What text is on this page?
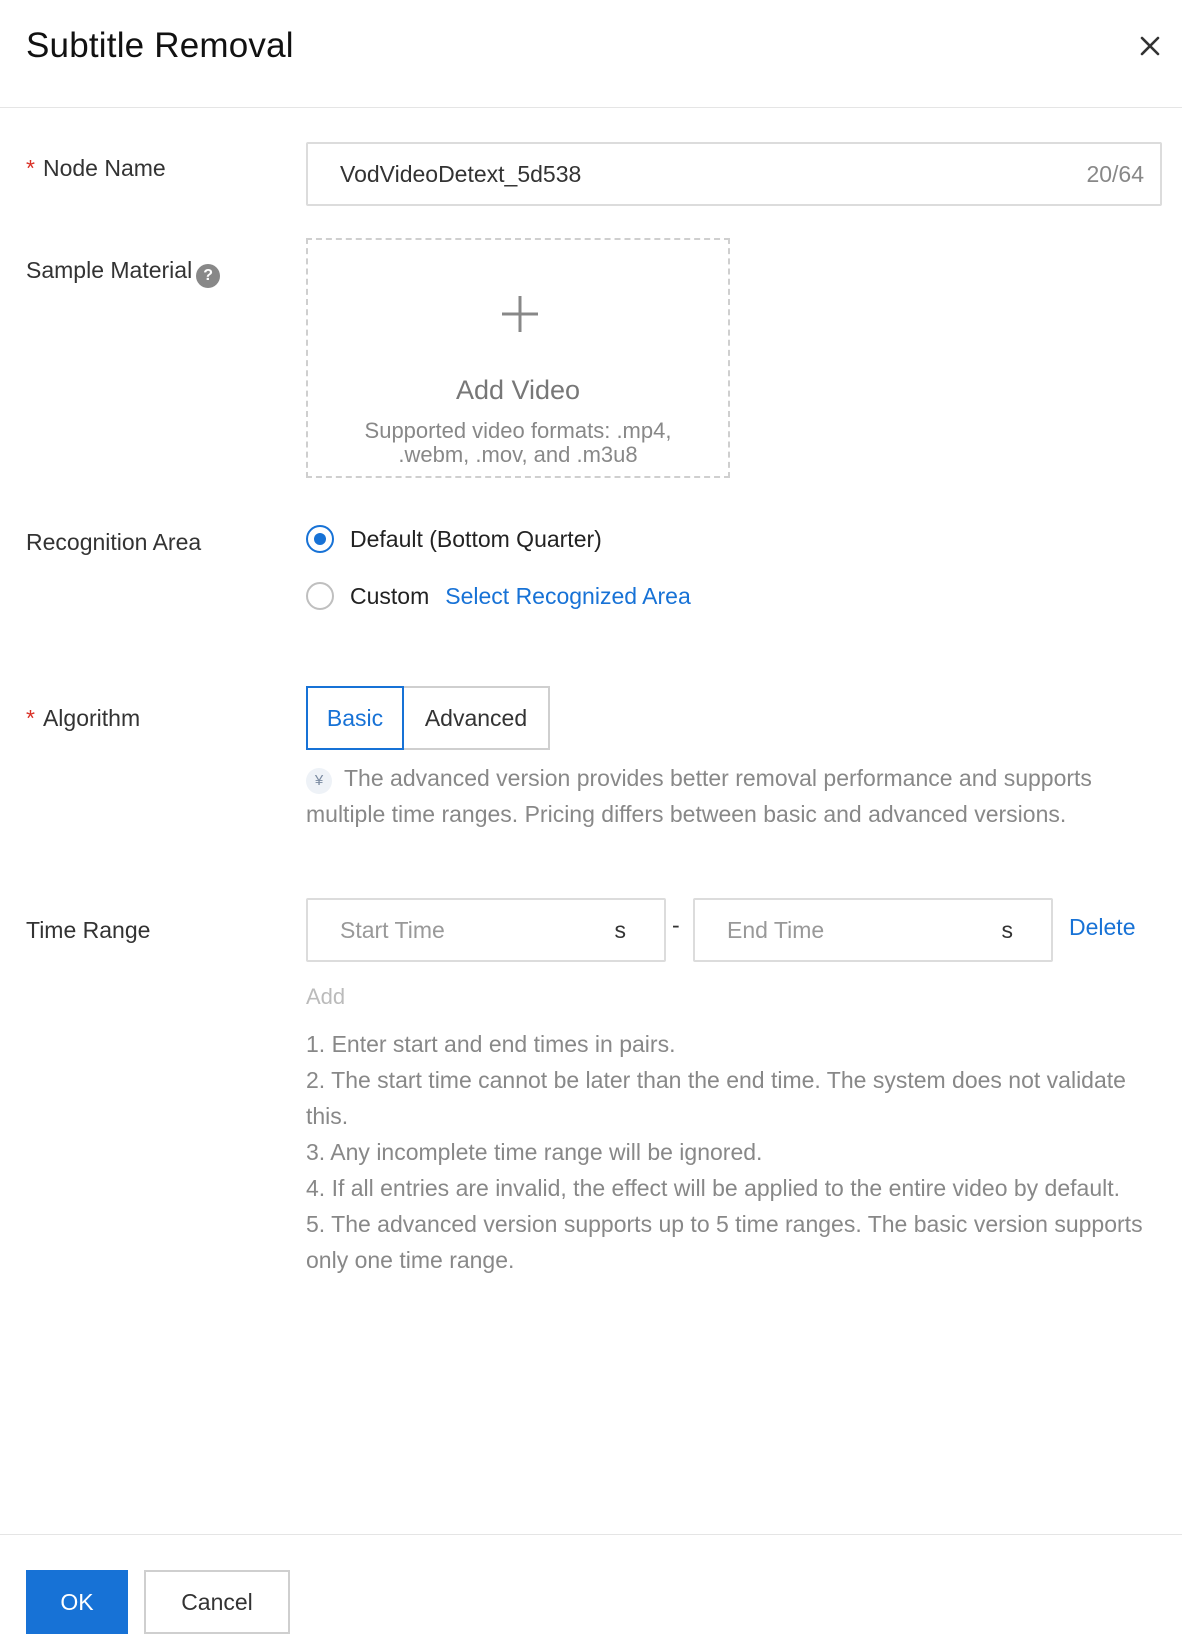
Subtitle Removal
* Node Name	VodVideoDetext_5d538	20/64
Sample Material ?
Add Video
Supported video formats: .mp4, .webm, .mov, and .m3u8
Recognition Area	Default (Bottom Quarter)
Custom Select Recognized Area
* Algorithm	Basic	Advanced
¥ The advanced version provides better removal performance and supports multiple time ranges. Pricing differs between basic and advanced versions.
Time Range	Start Time	s - End Time	s Delete
Add
1. Enter start and end times in pairs.
2. The start time cannot be later than the end time. The system does not validate this.
3. Any incomplete time range will be ignored.
4. If all entries are invalid, the effect will be applied to the entire video by default.
5. The advanced version supports up to 5 time ranges. The basic version supports only one time range.
OK	Cancel
